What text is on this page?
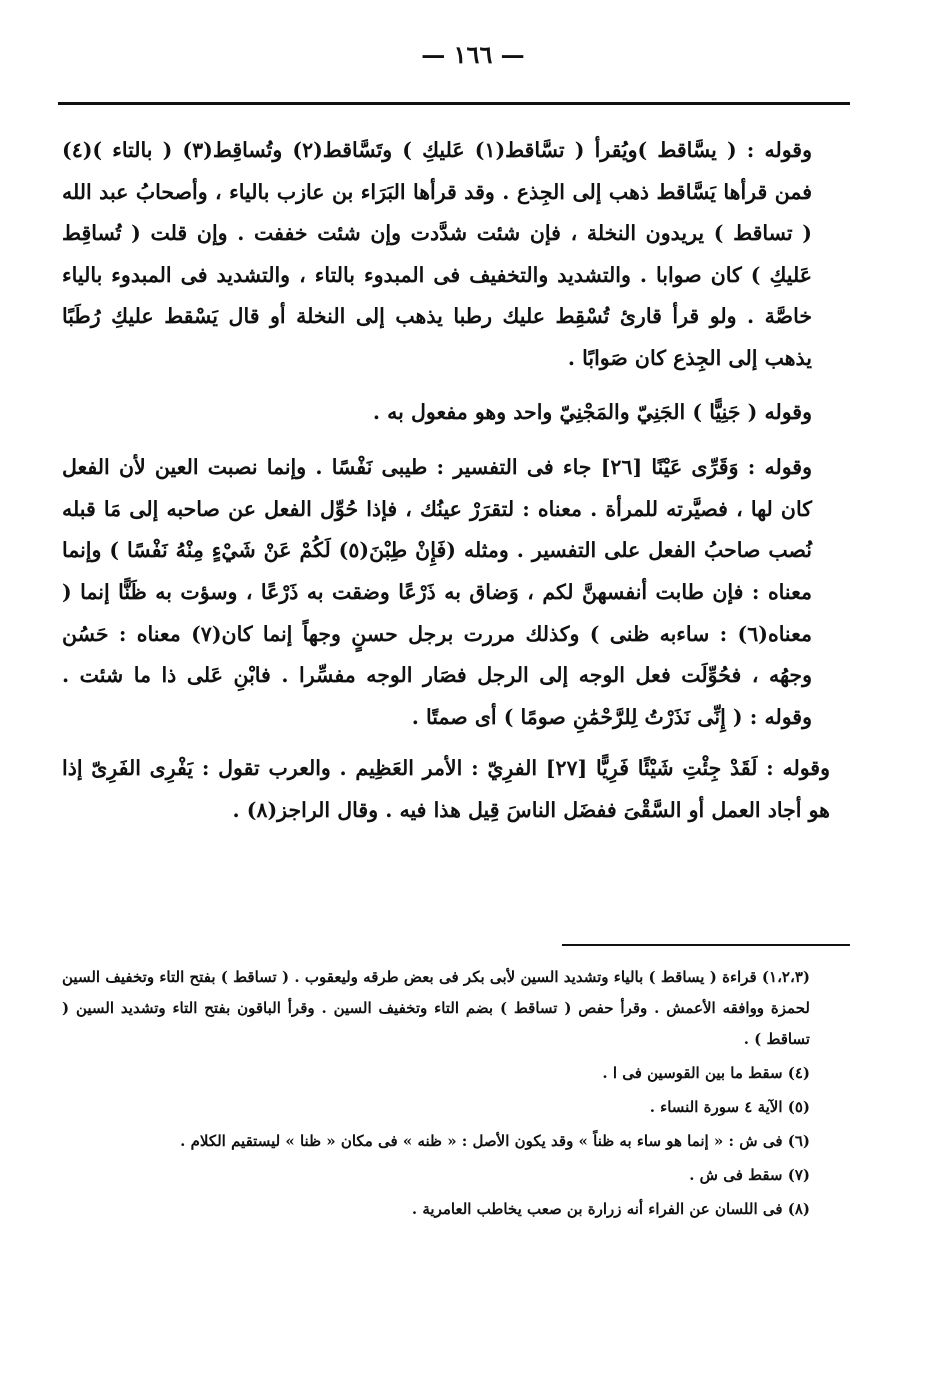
— ١٦٦ —

وقوله : ( يسَّاقط )ويُقرأ ( تسَّاقط(١) عَليكِ ) وتَسَّاقط(٢) وتُساقِط(٣) ( بالتاء )(٤) فمن قرأها يَسَّاقط ذهب إلى الجِذع . وقد قرأها البَرَاء بن عازب بالياء ، وأصحابُ عبد الله ( تساقط ) يريدون النخلة ، فإن شئت شدَّدت وإن شئت خففت . وإن قلت ( تُساقِط عَليكِ ) كان صوابا . والتشديد والتخفيف فى المبدوء بالتاء ، والتشديد فى المبدوء بالياء خاصَّة . ولو قرأ قارئ تُسْقِط عليك رطبا يذهب إلى النخلة أو قال يَسْقط عليكِ رُطَبًا يذهب إلى الجِذع كان صَوابًا .

وقوله ( جَنِيًّا ) الجَنِيّ والمَجْنِيّ واحد وهو مفعول به .

وقوله : وَقَرِّى عَيْنًا [٢٦] جاء فى التفسير : طيبى نَفْسًا . وإنما نصبت العين لأن الفعل كان لها ، فصيَّرته للمرأة . معناه : لتقرَرْ عينُك ، فإذا حُوِّل الفعل عن صاحبه إلى مَا قبله نُصب صاحبُ الفعل على التفسير . ومثله (فَإِنْ طِبْنَ(٥) لَكُمْ عَنْ شَيْءٍ مِنْهُ نَفْسًا ) وإنما معناه : فإن طابت أنفسهنَّ لكم ، وَضاق به ذَرْعًا وضقت به ذَرْعًا ، وسؤت به ظَنًّا إنما ( معناه(٦) : ساءبه ظنى ) وكذلك مررت برجل حسنٍ وجهاً إنما كان(٧) معناه : حَسُن وجهُه ، فحُوِّلَت فعل الوجه إلى الرجل فصَار الوجه مفسِّرا . فابْنِ عَلى ذا ما شئت . وقوله : ( إِنِّى نَذَرْتُ لِلرَّحْمَٰنِ صومًا ) أى صمتًا .

وقوله : لَقَدْ جِئْتِ شَيْئًا فَرِيًّا [٢٧] الفرِيّ : الأمر العَظِيم . والعرب تقول : يَفْرِى الفَرِىّ إذا هو أجاد العمل أو السَّقْىَ ففضَل الناسَ قِيل هذا فيه . وقال الراجز(٨) .

(١،٢،٣) قراءة ( يساقط ) بالياء وتشديد السين لأبى بكر فى بعض طرقه وليعقوب . ( تساقط ) بفتح التاء وتخفيف السين لحمزة ووافقه الأعمش . وقرأ حفص ( تساقط ) بضم التاء وتخفيف السين . وقرأ الباقون بفتح التاء وتشديد السين ( تساقط ) .

(٤) سقط ما بين القوسين فى ا .

(٥) الآية ٤ سورة النساء .

(٦) فى ش : « إنما هو ساء به ظناً » وقد يكون الأصل : « ظنه » فى مكان « ظنا » ليستقيم الكلام .

(٧) سقط فى ش .

(٨) فى اللسان عن الفراء أنه زرارة بن صعب يخاطب العامرية .
